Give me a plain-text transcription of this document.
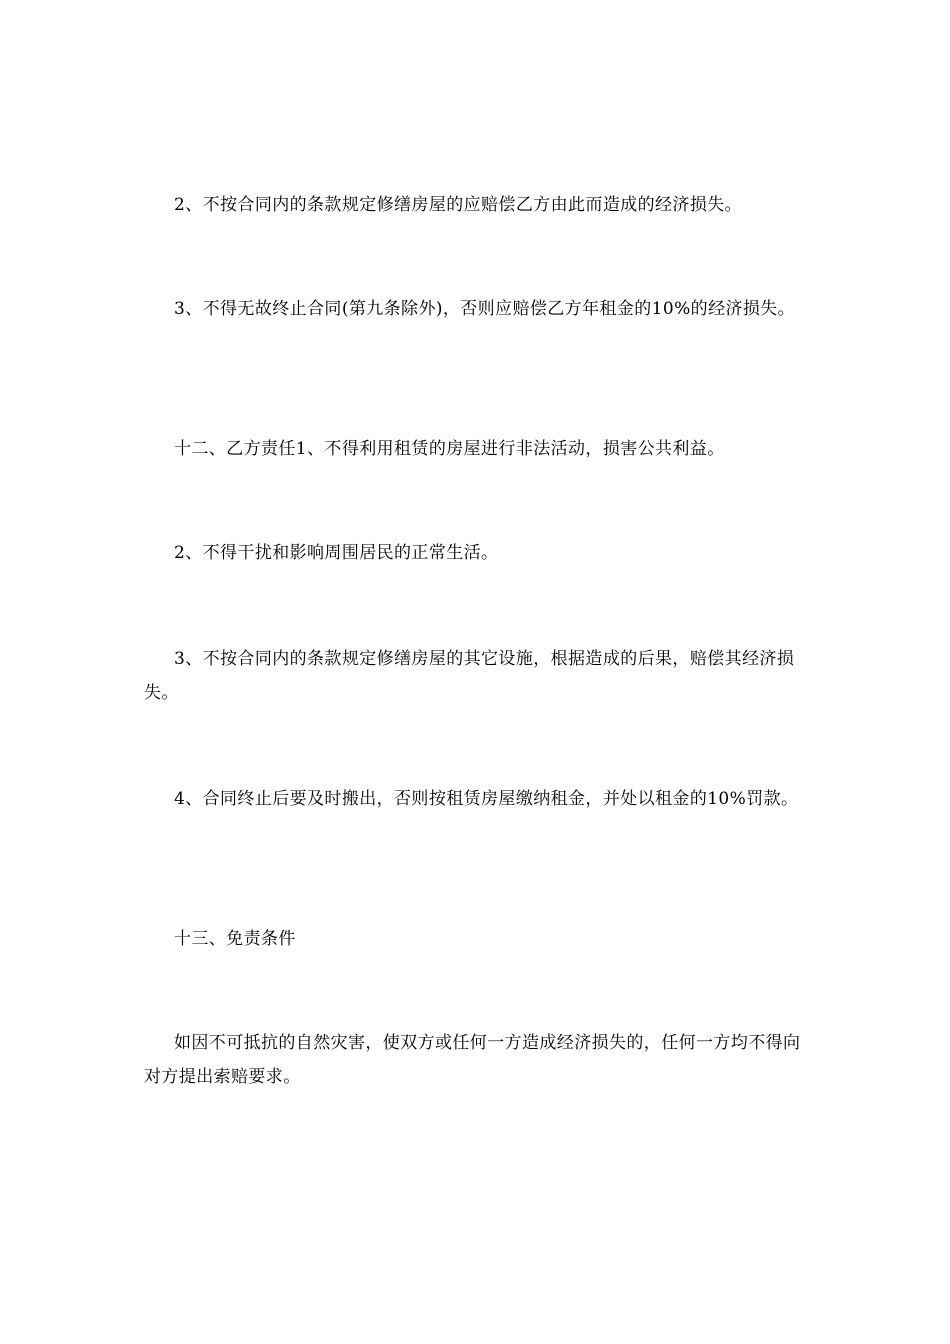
2、不按合同内的条款规定修缮房屋的应赔偿乙方由此而造成的经济损失。

3、不得无故终止合同(第九条除外)，否则应赔偿乙方年租金的10%的经济损失。

十二、乙方责任1、不得利用租赁的房屋进行非法活动，损害公共利益。

2、不得干扰和影响周围居民的正常生活。

3、不按合同内的条款规定修缮房屋的其它设施，根据造成的后果，赔偿其经济损失。

4、合同终止后要及时搬出，否则按租赁房屋缴纳租金，并处以租金的10%罚款。

十三、免责条件

如因不可抵抗的自然灾害，使双方或任何一方造成经济损失的，任何一方均不得向对方提出索赔要求。
